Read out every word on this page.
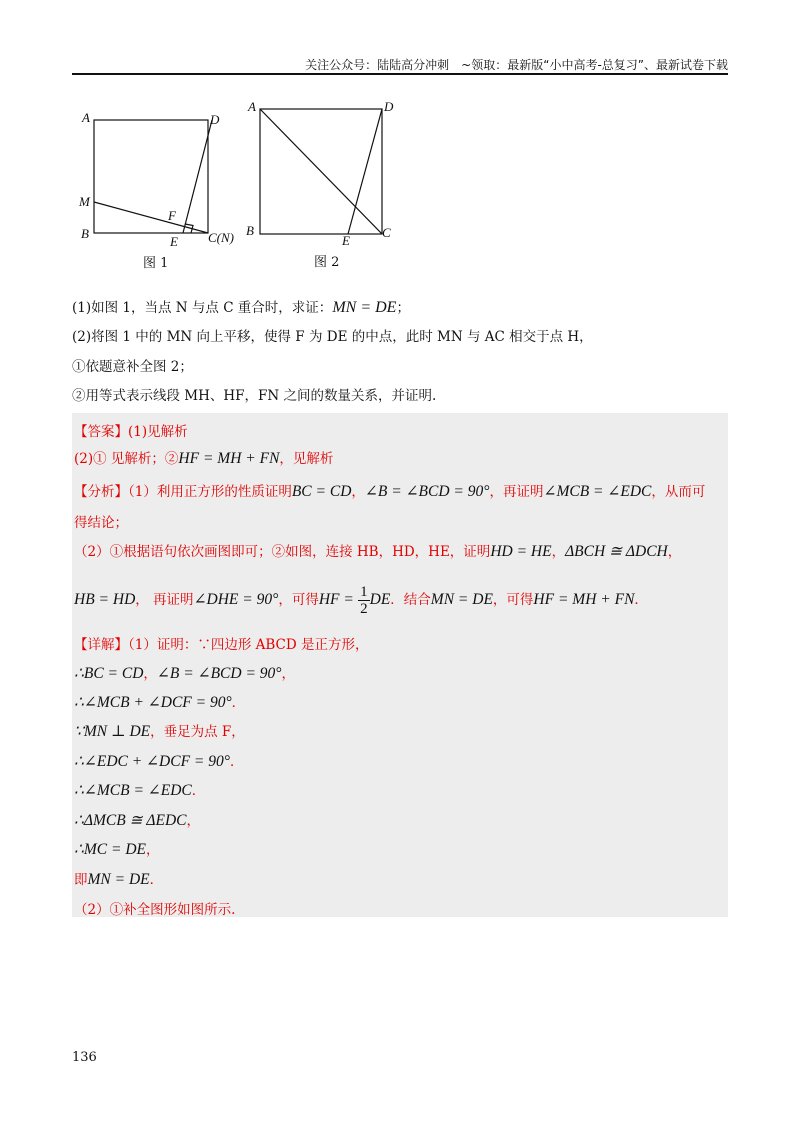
关注公众号：陆陆高分冲刺　~领取：最新版“小中高考-总复习”、最新试卷下载
A	D
M
F
B
E C(N)
图 1
A	D
B
E
C
图 2
(1)如图 1，当点 N 与点 C 重合时，求证：MN = DE；
(2)将图 1 中的 MN 向上平移，使得 F 为 DE 的中点，此时 MN 与 AC 相交于点 H，
①依题意补全图 2；
②用等式表示线段 MH、HF，FN 之间的数量关系，并证明.
【答案】(1)见解析
(2)① 见解析；②HF = MH + FN，见解析
【分析】（1）利用正方形的性质证明BC = CD，∠B = ∠BCD = 90°，再证明∠MCB = ∠EDC，从而可
得结论；
（2）①根据语句依次画图即可；②如图，连接 HB，HD，HE，证明HD = HE，ΔBCH ≅ ΔDCH，
HB = HD， 再证明∠DHE = 90°，可得HF = $\frac{1}{2}$ DE．结合MN = DE，可得HF = MH + FN．
【详解】（1）证明：∵四边形 ABCD 是正方形，
∴BC = CD，∠B = ∠BCD = 90°，
∴∠MCB + ∠DCF = 90°．
∵MN ⊥ DE，垂足为点 F，
∴∠EDC + ∠DCF = 90°．
∴∠MCB = ∠EDC．
∴ΔMCB ≅ ΔEDC，
∴MC = DE，
即MN = DE．
（2）①补全图形如图所示.
136
